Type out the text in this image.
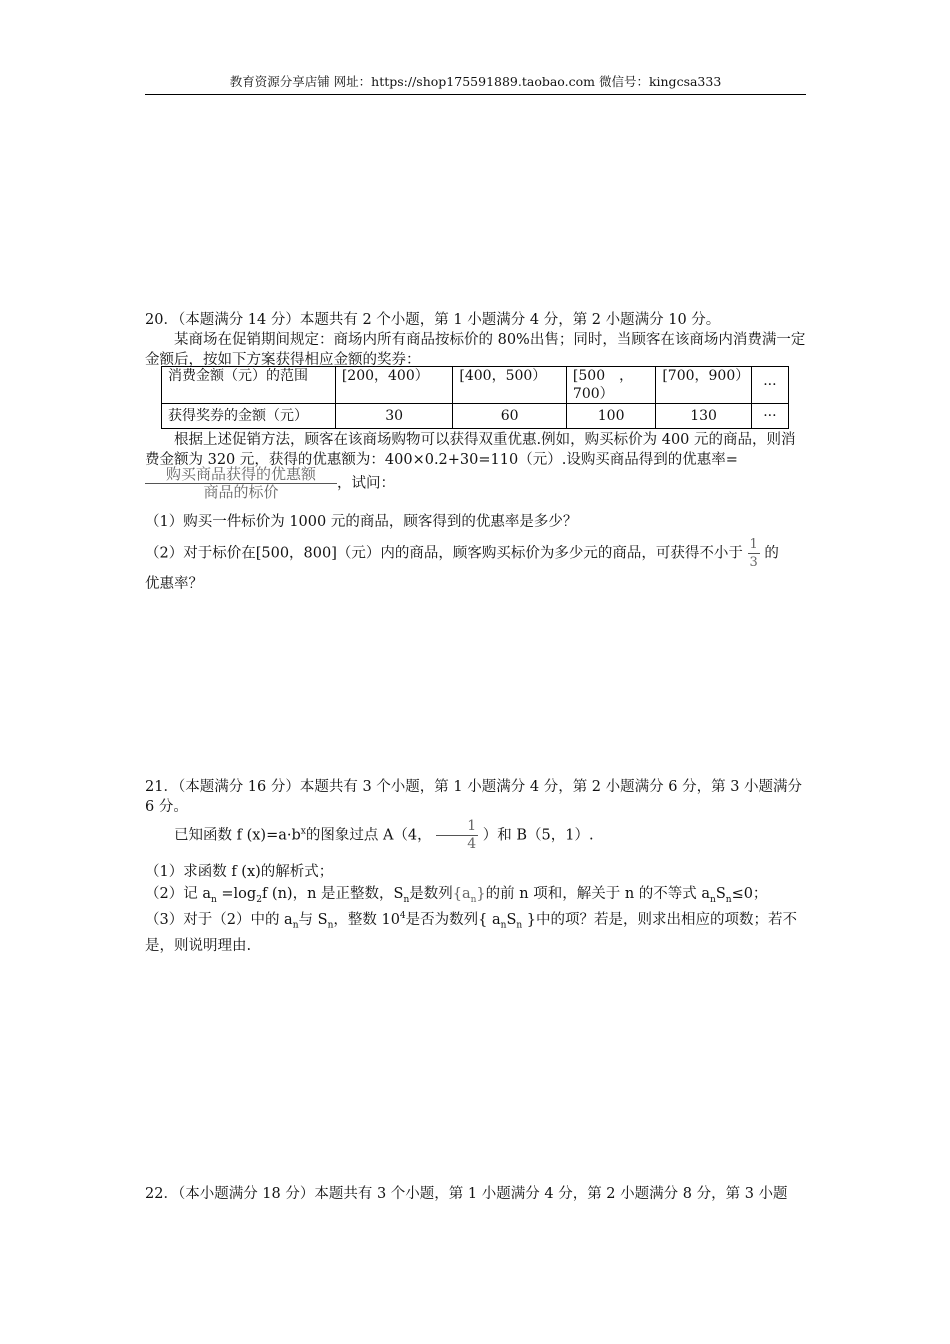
教育资源分享店铺 网址：https://shop175591889.taobao.com 微信号：kingcsa333
20．（本题满分 14 分）本题共有 2 个小题，第 1 小题满分 4 分，第 2 小题满分 10 分。
某商场在促销期间规定：商场内所有商品按标价的 80%出售；同时，当顾客在该商场内消费满一定金额后，按如下方案获得相应金额的奖券：
消费金额（元）的范围	[200，400）	[400，500）	[500　，700）	[700，900）	···
获得奖券的金额（元）	30	60	100	130	···
根据上述促销方法，顾客在该商场购物可以获得双重优惠.例如，购买标价为 400 元的商品，则消费金额为 320 元，获得的优惠额为：400×0.2+30=110（元）.设购买商品得到的优惠率=
$\frac{\text{购买商品获得的优惠额}}{\text{商品的标价}}$ ，试问：
（1）购买一件标价为 1000 元的商品，顾客得到的优惠率是多少？
（2）对于标价在[500，800]（元）内的商品，顾客购买标价为多少元的商品，可获得不小于 $\frac{1}{3}$ 的
优惠率？
21．（本题满分 16 分）本题共有 3 个小题，第 1 小题满分 4 分，第 2 小题满分 6 分，第 3 小题满分 6 分。
已知函数 f $(x)=a\cdot b^x$的图象过点 A（4， $\frac{1}{4}$ ）和 B（5，1）.
（1）求函数 f (x)的解析式；
（2）记 $a_n =\log_2f$ (n)，n 是正整数，$S_n$是数列$\{a_n\}$的前 n 项和，解关于 n 的不等式 $a_nS_n\le 0$；
（3）对于（2）中的 $a_n$与 $S_n$，整数 $10^4$是否为数列{ $a_nS_n$ }中的项？若是，则求出相应的项数；若不是，则说明理由.
22．（本小题满分 18 分）本题共有 3 个小题，第 1 小题满分 4 分，第 2 小题满分 8 分，第 3 小题
